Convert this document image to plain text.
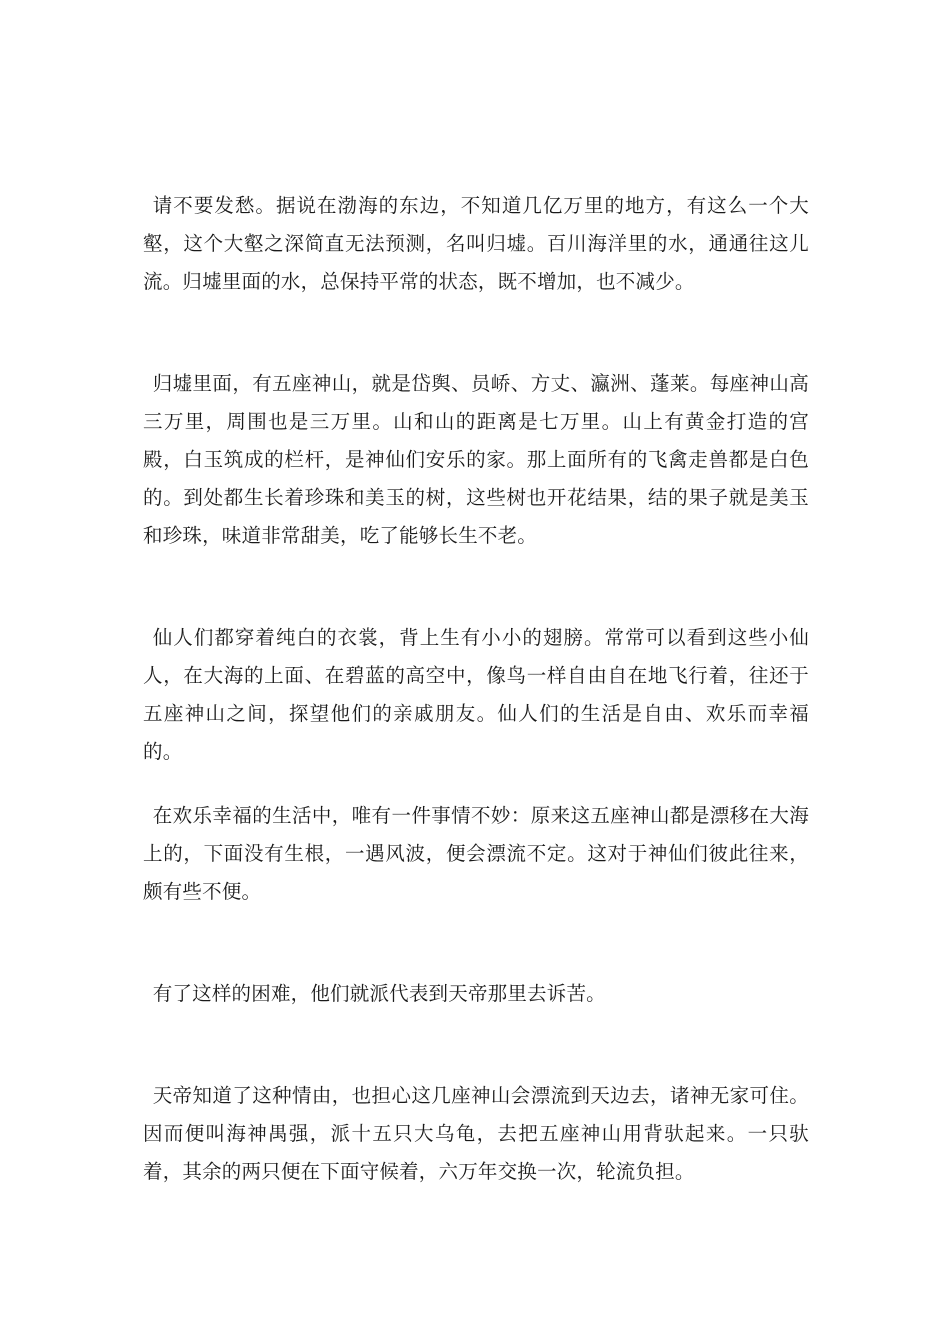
请不要发愁。据说在渤海的东边，不知道几亿万里的地方，有这么一个大壑，这个大壑之深简直无法预测，名叫归墟。百川海洋里的水，通通往这儿流。归墟里面的水，总保持平常的状态，既不增加，也不减少。

归墟里面，有五座神山，就是岱舆、员峤、方丈、瀛洲、蓬莱。每座神山高三万里，周围也是三万里。山和山的距离是七万里。山上有黄金打造的宫殿，白玉筑成的栏杆，是神仙们安乐的家。那上面所有的飞禽走兽都是白色的。到处都生长着珍珠和美玉的树，这些树也开花结果，结的果子就是美玉和珍珠，味道非常甜美，吃了能够长生不老。

仙人们都穿着纯白的衣裳，背上生有小小的翅膀。常常可以看到这些小仙人，在大海的上面、在碧蓝的高空中，像鸟一样自由自在地飞行着，往还于五座神山之间，探望他们的亲戚朋友。仙人们的生活是自由、欢乐而幸福的。

在欢乐幸福的生活中，唯有一件事情不妙：原来这五座神山都是漂移在大海上的，下面没有生根，一遇风波，便会漂流不定。这对于神仙们彼此往来，颇有些不便。

有了这样的困难，他们就派代表到天帝那里去诉苦。

天帝知道了这种情由，也担心这几座神山会漂流到天边去，诸神无家可住。因而便叫海神禺强，派十五只大乌龟，去把五座神山用背驮起来。一只驮着，其余的两只便在下面守候着，六万年交换一次，轮流负担。
